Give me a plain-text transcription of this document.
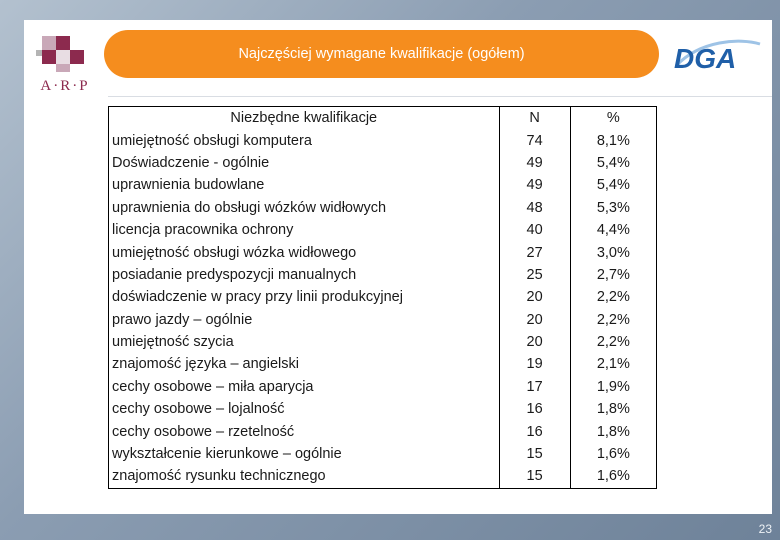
A·R·P
Najczęściej wymagane kwalifikacje (ogółem)	DGA
Niezbędne kwalifikacje	N	%
umiejętność obsługi komputera	74	8,1%
Doświadczenie - ogólnie	49	5,4%
uprawnienia budowlane	49	5,4%
uprawnienia do obsługi wózków widłowych	48	5,3%
licencja pracownika ochrony	40	4,4%
umiejętność obsługi wózka widłowego	27	3,0%
posiadanie predyspozycji manualnych	25	2,7%
doświadczenie w pracy przy linii produkcyjnej	20	2,2%
prawo jazdy – ogólnie	20	2,2%
umiejętność szycia	20	2,2%
znajomość języka – angielski	19	2,1%
cechy osobowe – miła aparycja	17	1,9%
cechy osobowe – lojalność	16	1,8%
cechy osobowe – rzetelność	16	1,8%
wykształcenie kierunkowe – ogólnie	15	1,6%
znajomość rysunku technicznego	15	1,6%
23
